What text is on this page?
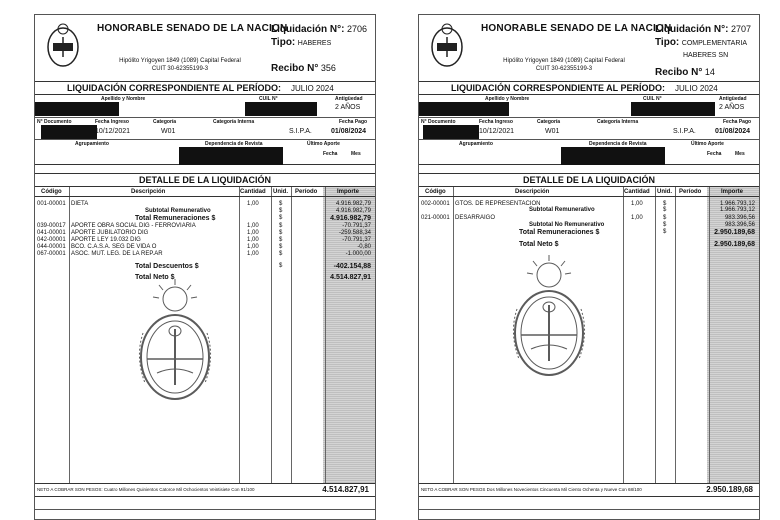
HONORABLE SENADO DE LA NACION
Hipólito Yrigoyen 1849 (1089) Capital Federal
CUIT 30-62355199-3
Liquidación N°: 2706
Tipo: HABERES
Recibo N° 356
LIQUIDACIÓN CORRESPONDIENTE AL PERÍODO: JULIO 2024
Apellido y Nombre	CUIL N°	Antigüedad
2 AÑOS
N° Documento	Fecha Ingreso	Categoría	Categoría Interna	Fecha Pago
10/12/2021	W01	S.I.P.A.	01/08/2024
Agrupamiento	Dependencia de Revista	Último Aporte
Fecha	Mes
DETALLE DE LA LIQUIDACIÓN
Código	Descripción	Cantidad Unid. Período	Importe
001-00001 DIETA	1,00	$	4.916.982,79
Subtotal Remunerativo	$	4.916.982,79
Total Remuneraciones $	$	4.916.982,79
039-00017 APORTE OBRA SOCIAL DIG - FERROVIARIA	1,00	$	-70.791,37
041-00001 APORTE JUBILATORIO DIG	1,00	$	-259.588,34
042-00001 APORTE LEY 19.032 DIG	1,00	$	-70.791,37
044-00001 BCO. C.A.S.A. SEG DE VIDA O	1,00	$	-0,80
067-00001 ASOC. MUT. LEG. DE LA REP.AR	1,00	$	-1.000,00
Total Descuentos $	$	-402.154,88
Total Neto $	4.514.827,91
NETO A COBRAR SON PESOS: Cuatro Millones Quinientos Catorce Mil Ochocientos Veintisiete Con 91/100	4.514.827,91
HONORABLE SENADO DE LA NACION
Hipólito Yrigoyen 1849 (1089) Capital Federal
CUIT 30-62355199-3
Liquidación N°: 2707
Tipo: COMPLEMENTARIA
HABERES SN
Recibo N° 14
LIQUIDACIÓN CORRESPONDIENTE AL PERÍODO: JULIO 2024
Apellido y Nombre	CUIL N°	Antigüedad
2 AÑOS
N° Documento	Fecha Ingreso	Categoría	Categoría Interna	Fecha Pago
10/12/2021	W01	S.I.P.A.	01/08/2024
Agrupamiento	Dependencia de Revista	Último Aporte
Fecha	Mes
DETALLE DE LA LIQUIDACIÓN
Código	Descripción	Cantidad Unid. Período	Importe
002-00001 GTOS. DE REPRESENTACION	1,00	$	1.966.793,12
Subtotal Remunerativo	$	1.966.793,12
021-00001 DESARRAIGO	1,00	$	983.396,56
Subtotal No Remunerativo	$	983.396,56
Total Remuneraciones $	$	2.950.189,68
Total Neto $	2.950.189,68
NETO A COBRAR SON PESOS Dos Millones Novecientos Cincuenta Mil Ciento Ochenta y Nueve Con 68/100	2.950.189,68
